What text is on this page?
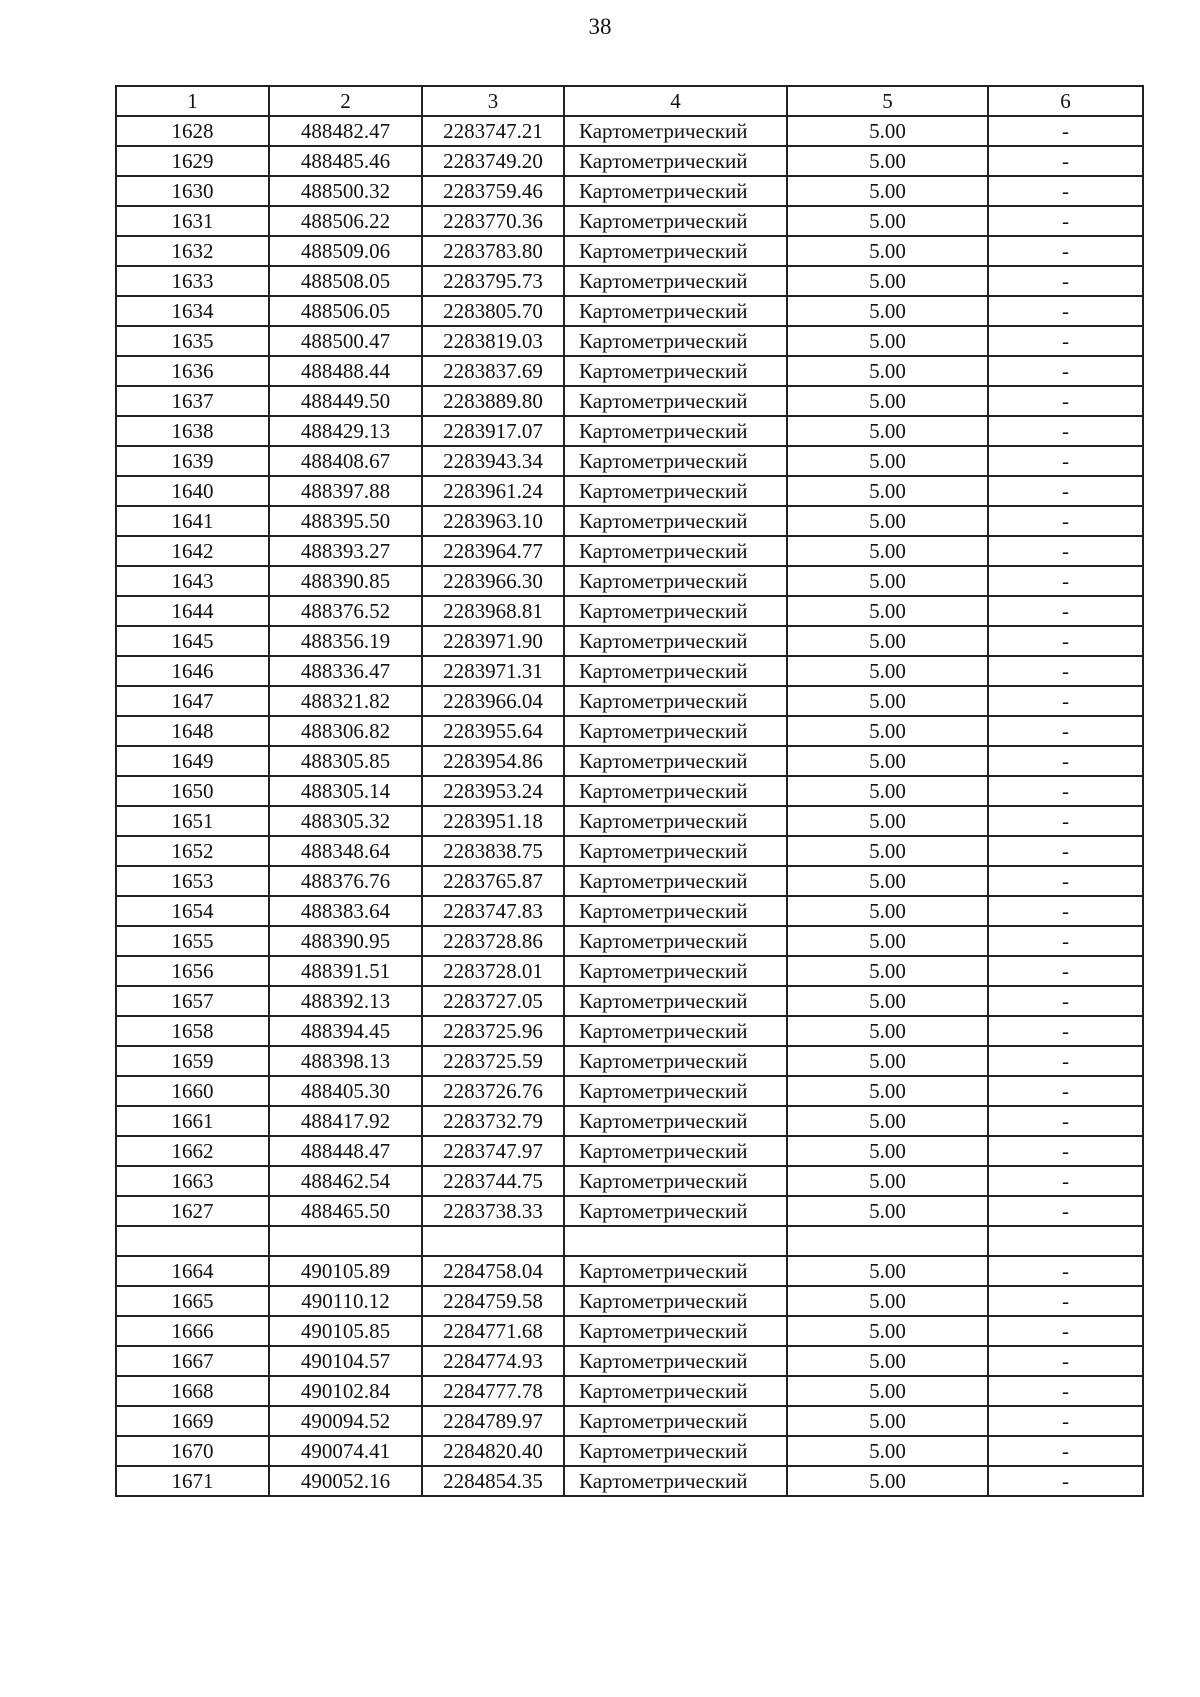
38
1	2	3	4	5	6
1628	488482.47	2283747.21	Картометрический	5.00	-
1629	488485.46	2283749.20	Картометрический	5.00	-
1630	488500.32	2283759.46	Картометрический	5.00	-
1631	488506.22	2283770.36	Картометрический	5.00	-
1632	488509.06	2283783.80	Картометрический	5.00	-
1633	488508.05	2283795.73	Картометрический	5.00	-
1634	488506.05	2283805.70	Картометрический	5.00	-
1635	488500.47	2283819.03	Картометрический	5.00	-
1636	488488.44	2283837.69	Картометрический	5.00	-
1637	488449.50	2283889.80	Картометрический	5.00	-
1638	488429.13	2283917.07	Картометрический	5.00	-
1639	488408.67	2283943.34	Картометрический	5.00	-
1640	488397.88	2283961.24	Картометрический	5.00	-
1641	488395.50	2283963.10	Картометрический	5.00	-
1642	488393.27	2283964.77	Картометрический	5.00	-
1643	488390.85	2283966.30	Картометрический	5.00	-
1644	488376.52	2283968.81	Картометрический	5.00	-
1645	488356.19	2283971.90	Картометрический	5.00	-
1646	488336.47	2283971.31	Картометрический	5.00	-
1647	488321.82	2283966.04	Картометрический	5.00	-
1648	488306.82	2283955.64	Картометрический	5.00	-
1649	488305.85	2283954.86	Картометрический	5.00	-
1650	488305.14	2283953.24	Картометрический	5.00	-
1651	488305.32	2283951.18	Картометрический	5.00	-
1652	488348.64	2283838.75	Картометрический	5.00	-
1653	488376.76	2283765.87	Картометрический	5.00	-
1654	488383.64	2283747.83	Картометрический	5.00	-
1655	488390.95	2283728.86	Картометрический	5.00	-
1656	488391.51	2283728.01	Картометрический	5.00	-
1657	488392.13	2283727.05	Картометрический	5.00	-
1658	488394.45	2283725.96	Картометрический	5.00	-
1659	488398.13	2283725.59	Картометрический	5.00	-
1660	488405.30	2283726.76	Картометрический	5.00	-
1661	488417.92	2283732.79	Картометрический	5.00	-
1662	488448.47	2283747.97	Картометрический	5.00	-
1663	488462.54	2283744.75	Картометрический	5.00	-
1627	488465.50	2283738.33	Картометрический	5.00	-

1664	490105.89	2284758.04	Картометрический	5.00	-
1665	490110.12	2284759.58	Картометрический	5.00	-
1666	490105.85	2284771.68	Картометрический	5.00	-
1667	490104.57	2284774.93	Картометрический	5.00	-
1668	490102.84	2284777.78	Картометрический	5.00	-
1669	490094.52	2284789.97	Картометрический	5.00	-
1670	490074.41	2284820.40	Картометрический	5.00	-
1671	490052.16	2284854.35	Картометрический	5.00	-
